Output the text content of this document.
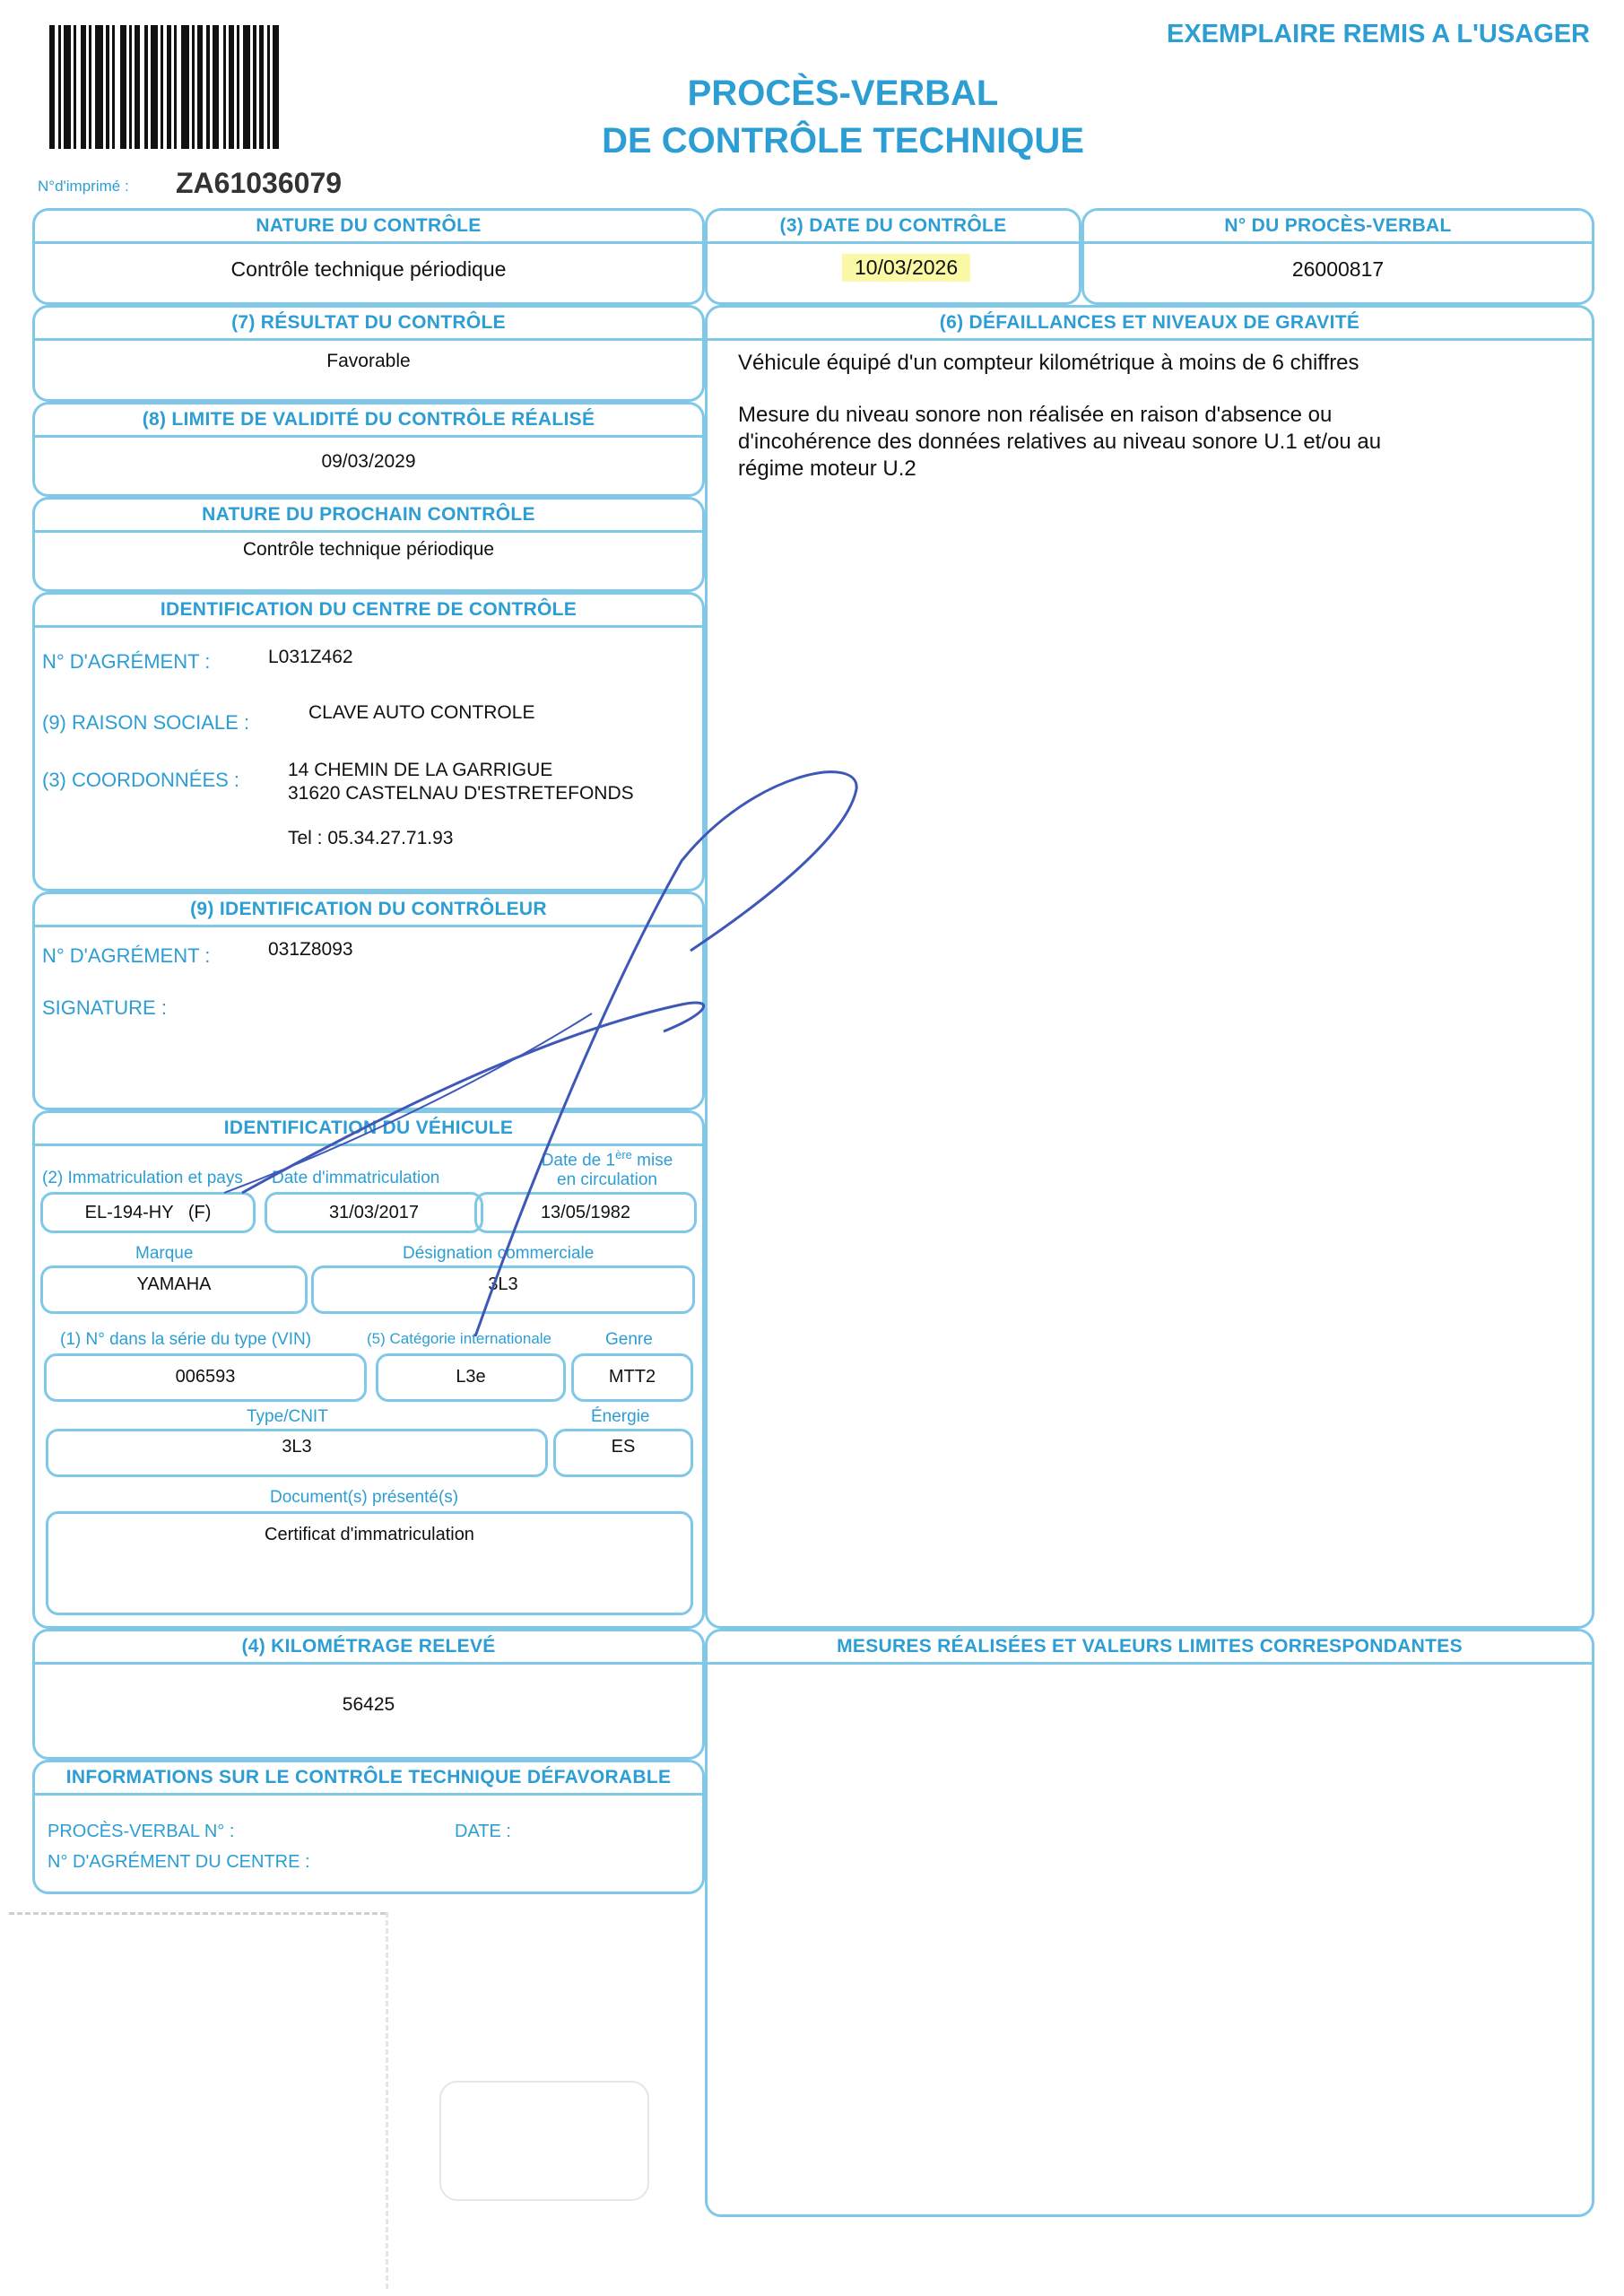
EXEMPLAIRE REMIS A L'USAGER
PROCÈS-VERBAL
DE CONTRÔLE TECHNIQUE
N°d'imprimé : ZA61036079
NATURE DU CONTRÔLE
Contrôle technique périodique
(3) DATE DU CONTRÔLE
10/03/2026
N° DU PROCÈS-VERBAL
26000817
(7) RÉSULTAT DU CONTRÔLE
Favorable
(8) LIMITE DE VALIDITÉ DU CONTRÔLE RÉALISÉ
09/03/2029
NATURE DU PROCHAIN CONTRÔLE
Contrôle technique périodique
IDENTIFICATION DU CENTRE DE CONTRÔLE
N° D'AGRÉMENT :	L031Z462
(9) RAISON SOCIALE :	CLAVE AUTO CONTROLE
(3) COORDONNÉES :	14 CHEMIN DE LA GARRIGUE
31620 CASTELNAU D'ESTRETEFONDS
Tel : 05.34.27.71.93
(9) IDENTIFICATION DU CONTRÔLEUR
N° D'AGRÉMENT :	031Z8093
SIGNATURE :
IDENTIFICATION DU VÉHICULE
(2) Immatriculation et pays Date d'immatriculation
Date de 1ère mise
en circulation
EL-194-HY   (F)	31/03/2017	13/05/1982
Marque	Désignation commerciale
YAMAHA	3L3
(1) N° dans la série du type (VIN)	(5) Catégorie internationale	Genre
006593	L3e	MTT2
Type/CNIT	Énergie
3L3	ES
Document(s) présenté(s)
Certificat d'immatriculation
(4) KILOMÉTRAGE RELEVÉ
56425
INFORMATIONS SUR LE CONTRÔLE TECHNIQUE DÉFAVORABLE
PROCÈS-VERBAL N° :	DATE :
N° D'AGRÉMENT DU CENTRE :
(6) DÉFAILLANCES ET NIVEAUX DE GRAVITÉ
Véhicule équipé d'un compteur kilométrique à moins de 6 chiffres
Mesure du niveau sonore non réalisée en raison d'absence ou
d'incohérence des données relatives au niveau sonore U.1 et/ou au
régime moteur U.2
MESURES RÉALISÉES ET VALEURS LIMITES CORRESPONDANTES
